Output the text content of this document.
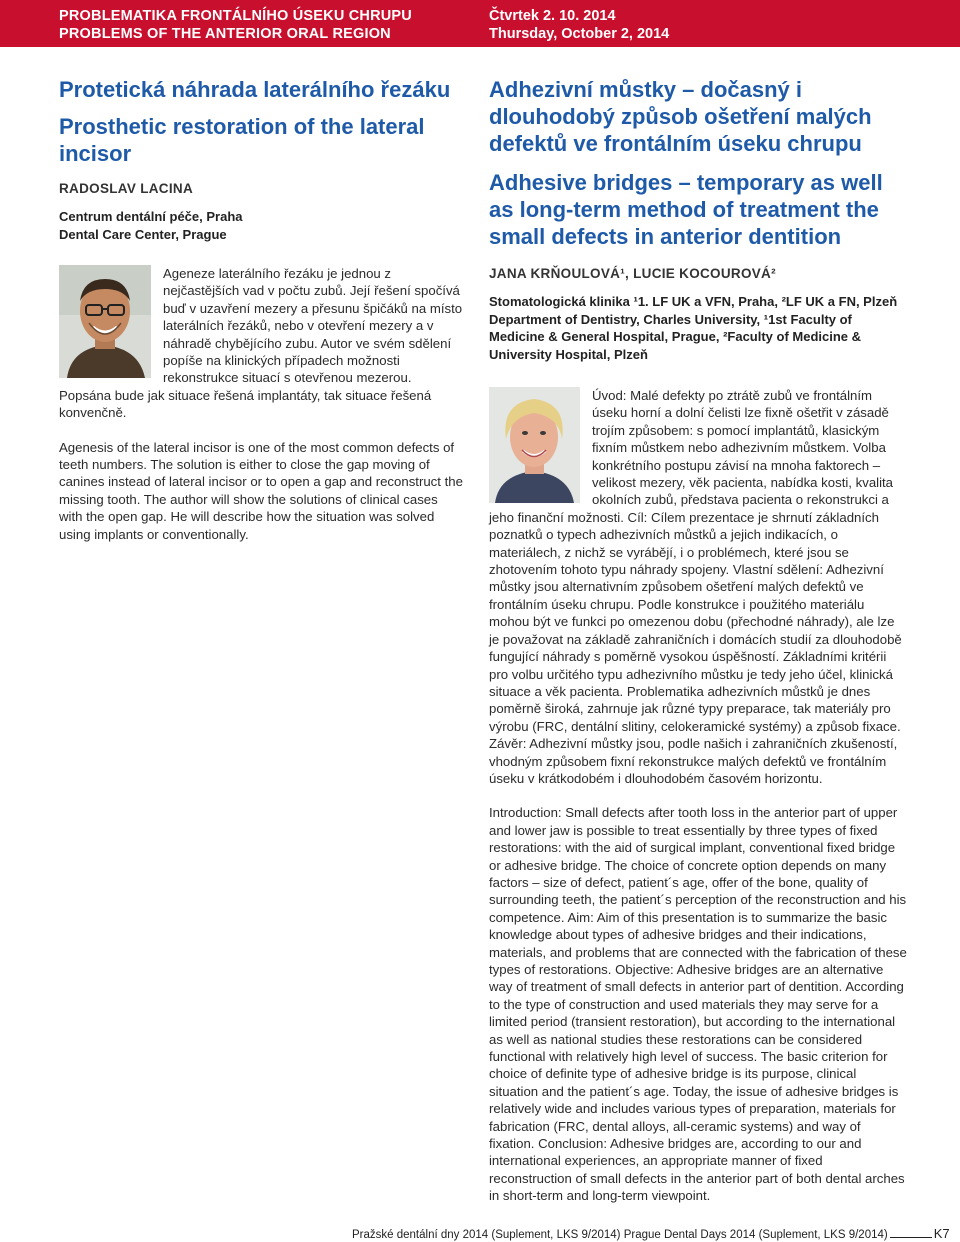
PROBLEMATIKA FRONTÁLNÍHO ÚSEKU CHRUPU
PROBLEMS OF THE ANTERIOR ORAL REGION
Čtvrtek 2. 10. 2014
Thursday, October 2, 2014
Protetická náhrada laterálního řezáku
Prosthetic restoration of the lateral incisor
RADOSLAV LACINA
Centrum dentální péče, Praha
Dental Care Center, Prague

Ageneze laterálního řezáku je jednou z nejčastějších vad v počtu zubů. Její řešení spočívá buď v uzavření mezery a přesunu špičáků na místo laterálních řezáků, nebo v otevření mezery a v náhradě chybějícího zubu. Autor ve svém sdělení popíše na klinických případech možnosti rekonstrukce situací s otevřenou mezerou. Popsána bude jak situace řešená implantáty, tak situace řešená konvenčně.

Agenesis of the lateral incisor is one of the most common defects of teeth numbers. The solution is either to close the gap moving of canines instead of lateral incisor or to open a gap and reconstruct the missing tooth. The author will show the solutions of clinical cases with the open gap. He will describe how the situation was solved using implants or conventionally.

Adhezivní můstky – dočasný i dlouhodobý způsob ošetření malých defektů ve frontálním úseku chrupu
Adhesive bridges – temporary as well as long-term method of treatment the small defects in anterior dentition
JANA KRŇOULOVÁ¹, LUCIE KOCOUROVÁ²
Stomatologická klinika ¹1. LF UK a VFN, Praha, ²LF UK a FN, Plzeň Department of Dentistry, Charles University, ¹1st Faculty of Medicine & General Hospital, Prague, ²Faculty of Medicine & University Hospital, Plzeň

Úvod: Malé defekty po ztrátě zubů ve frontálním úseku horní a dolní čelisti lze fixně ošetřit v zásadě trojím způsobem: s pomocí implantátů, klasickým fixním můstkem nebo adhezivním můstkem. Volba konkrétního postupu závisí na mnoha faktorech – velikost mezery, věk pacienta, nabídka kosti, kvalita okolních zubů, představa pacienta o rekonstrukci a jeho finanční možnosti. Cíl: Cílem prezentace je shrnutí základních poznatků o typech adhezivních můstků a jejich indikacích, o materiálech, z nichž se vyrábějí, i o problémech, které jsou se zhotovením tohoto typu náhrady spojeny. Vlastní sdělení: Adhezivní můstky jsou alternativním způsobem ošetření malých defektů ve frontálním úseku chrupu. Podle konstrukce i použitého materiálu mohou být ve funkci po omezenou dobu (přechodné náhrady), ale lze je považovat na základě zahraničních i domácích studií za dlouhodobě fungující náhrady s poměrně vysokou úspěšností. Základními kritérii pro volbu určitého typu adhezivního můstku je tedy jeho účel, klinická situace a věk pacienta. Problematika adhezivních můstků je dnes poměrně široká, zahrnuje jak různé typy preparace, tak materiály pro výrobu (FRC, dentální slitiny, celokeramické systémy) a způsob fixace. Závěr: Adhezivní můstky jsou, podle našich i zahraničních zkušeností, vhodným způsobem fixní rekonstrukce malých defektů ve frontálním úseku v krátkodobém i dlouhodobém časovém horizontu.

Introduction: Small defects after tooth loss in the anterior part of upper and lower jaw is possible to treat essentially by three types of fixed restorations: with the aid of surgical implant, conventional fixed bridge or adhesive bridge. The choice of concrete option depends on many factors – size of defect, patient´s age, offer of the bone, quality of surrounding teeth, the patient´s perception of the reconstruction and his competence. Aim: Aim of this presentation is to summarize the basic knowledge about types of adhesive bridges and their indications, materials, and problems that are connected with the fabrication of these types of restorations. Objective: Adhesive bridges are an alternative way of treatment of small defects in anterior part of dentition. According to the type of construction and used materials they may serve for a limited period (transient restoration), but according to the international as well as national studies these restorations can be considered functional with relatively high level of success. The basic criterion for choice of definite type of adhesive bridge is its purpose, clinical situation and the patient´s age. Today, the issue of adhesive bridges is relatively wide and includes various types of preparation, materials for fabrication (FRC, dental alloys, all-ceramic systems) and way of fixation. Conclusion: Adhesive bridges are, according to our and international experiences, an appropriate manner of fixed reconstruction of small defects in the anterior part of both dental arches in short-term and long-term viewpoint.

Pražské dentální dny 2014 (Suplement, LKS 9/2014) Prague Dental Days 2014 (Suplement, LKS 9/2014)	K7
